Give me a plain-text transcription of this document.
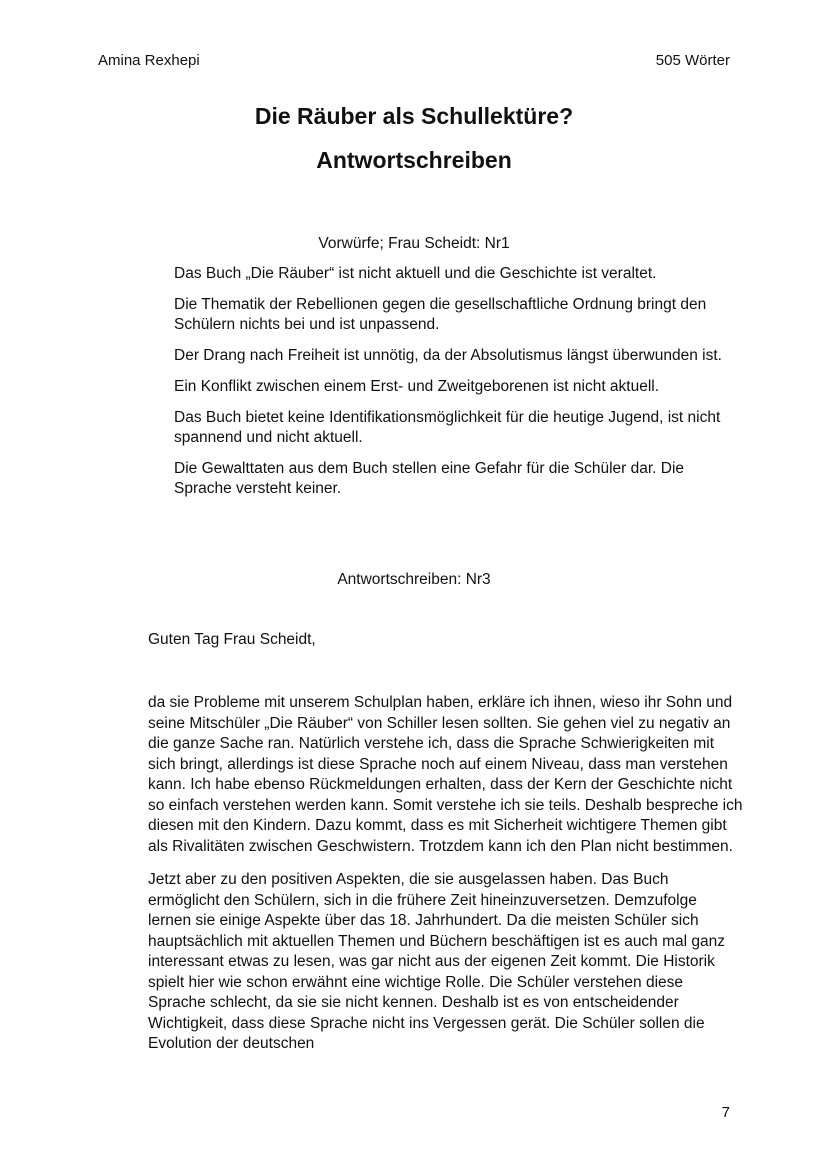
Amina Rexhepi	505 Wörter
Die Räuber als Schullektüre?
Antwortschreiben
Vorwürfe; Frau Scheidt: Nr1
Das Buch „Die Räuber“ ist nicht aktuell und die Geschichte ist veraltet.
Die Thematik der Rebellionen gegen die gesellschaftliche Ordnung bringt den Schülern nichts bei und ist unpassend.
Der Drang nach Freiheit ist unnötig, da der Absolutismus längst überwunden ist.
Ein Konflikt zwischen einem Erst- und Zweitgeborenen ist nicht aktuell.
Das Buch bietet keine Identifikationsmöglichkeit für die heutige Jugend, ist nicht spannend und nicht aktuell.
Die Gewalttaten aus dem Buch stellen eine Gefahr für die Schüler dar. Die Sprache versteht keiner.
Antwortschreiben: Nr3
Guten Tag Frau Scheidt,

da sie Probleme mit unserem Schulplan haben, erkläre ich ihnen, wieso ihr Sohn und seine Mitschüler „Die Räuber“ von Schiller lesen sollten. Sie gehen viel zu negativ an die ganze Sache ran. Natürlich verstehe ich, dass die Sprache Schwierigkeiten mit sich bringt, allerdings ist diese Sprache noch auf einem Niveau, dass man verstehen kann. Ich habe ebenso Rückmeldungen erhalten, dass der Kern der Geschichte nicht so einfach verstehen werden kann. Somit verstehe ich sie teils. Deshalb bespreche ich diesen mit den Kindern. Dazu kommt, dass es mit Sicherheit wichtigere Themen gibt als Rivalitäten zwischen Geschwistern. Trotzdem kann ich den Plan nicht bestimmen.

Jetzt aber zu den positiven Aspekten, die sie ausgelassen haben. Das Buch ermöglicht den Schülern, sich in die frühere Zeit hineinzuversetzen. Demzufolge lernen sie einige Aspekte über das 18. Jahrhundert. Da die meisten Schüler sich hauptsächlich mit aktuellen Themen und Büchern beschäftigen ist es auch mal ganz interessant etwas zu lesen, was gar nicht aus der eigenen Zeit kommt. Die Historik spielt hier wie schon erwähnt eine wichtige Rolle. Die Schüler verstehen diese Sprache schlecht, da sie sie nicht kennen. Deshalb ist es von entscheidender Wichtigkeit, dass diese Sprache nicht ins Vergessen gerät. Die Schüler sollen die Evolution der deutschen

7
